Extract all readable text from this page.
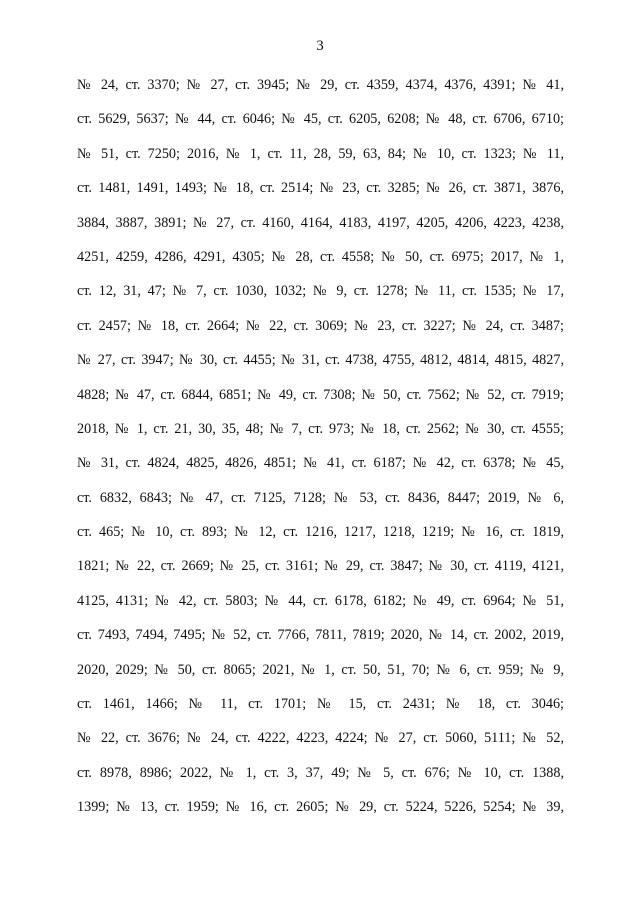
3
№ 24, ст. 3370; № 27, ст. 3945; № 29, ст. 4359, 4374, 4376, 4391; № 41,
ст. 5629, 5637; № 44, ст. 6046; № 45, ст. 6205, 6208; № 48, ст. 6706, 6710;
№ 51, ст. 7250; 2016, № 1, ст. 11, 28, 59, 63, 84; № 10, ст. 1323; № 11,
ст. 1481, 1491, 1493; № 18, ст. 2514; № 23, ст. 3285; № 26, ст. 3871, 3876,
3884, 3887, 3891; № 27, ст. 4160, 4164, 4183, 4197, 4205, 4206, 4223, 4238,
4251, 4259, 4286, 4291, 4305; № 28, ст. 4558; № 50, ст. 6975; 2017, № 1,
ст. 12, 31, 47; № 7, ст. 1030, 1032; № 9, ст. 1278; № 11, ст. 1535; № 17,
ст. 2457; № 18, ст. 2664; № 22, ст. 3069; № 23, ст. 3227; № 24, ст. 3487;
№ 27, ст. 3947; № 30, ст. 4455; № 31, ст. 4738, 4755, 4812, 4814, 4815, 4827,
4828; № 47, ст. 6844, 6851; № 49, ст. 7308; № 50, ст. 7562; № 52, ст. 7919;
2018, № 1, ст. 21, 30, 35, 48; № 7, ст. 973; № 18, ст. 2562; № 30, ст. 4555;
№ 31, ст. 4824, 4825, 4826, 4851; № 41, ст. 6187; № 42, ст. 6378; № 45,
ст. 6832, 6843; № 47, ст. 7125, 7128; № 53, ст. 8436, 8447; 2019, № 6,
ст. 465; № 10, ст. 893; № 12, ст. 1216, 1217, 1218, 1219; № 16, ст. 1819,
1821; № 22, ст. 2669; № 25, ст. 3161; № 29, ст. 3847; № 30, ст. 4119, 4121,
4125, 4131; № 42, ст. 5803; № 44, ст. 6178, 6182; № 49, ст. 6964; № 51,
ст. 7493, 7494, 7495; № 52, ст. 7766, 7811, 7819; 2020, № 14, ст. 2002, 2019,
2020, 2029; № 50, ст. 8065; 2021, № 1, ст. 50, 51, 70; № 6, ст. 959; № 9,
ст. 1461, 1466; № 11, ст. 1701; № 15, ст. 2431; № 18, ст. 3046;
№ 22, ст. 3676; № 24, ст. 4222, 4223, 4224; № 27, ст. 5060, 5111; № 52,
ст. 8978, 8986; 2022, № 1, ст. 3, 37, 49; № 5, ст. 676; № 10, ст. 1388,
1399; № 13, ст. 1959; № 16, ст. 2605; № 29, ст. 5224, 5226, 5254; № 39,
